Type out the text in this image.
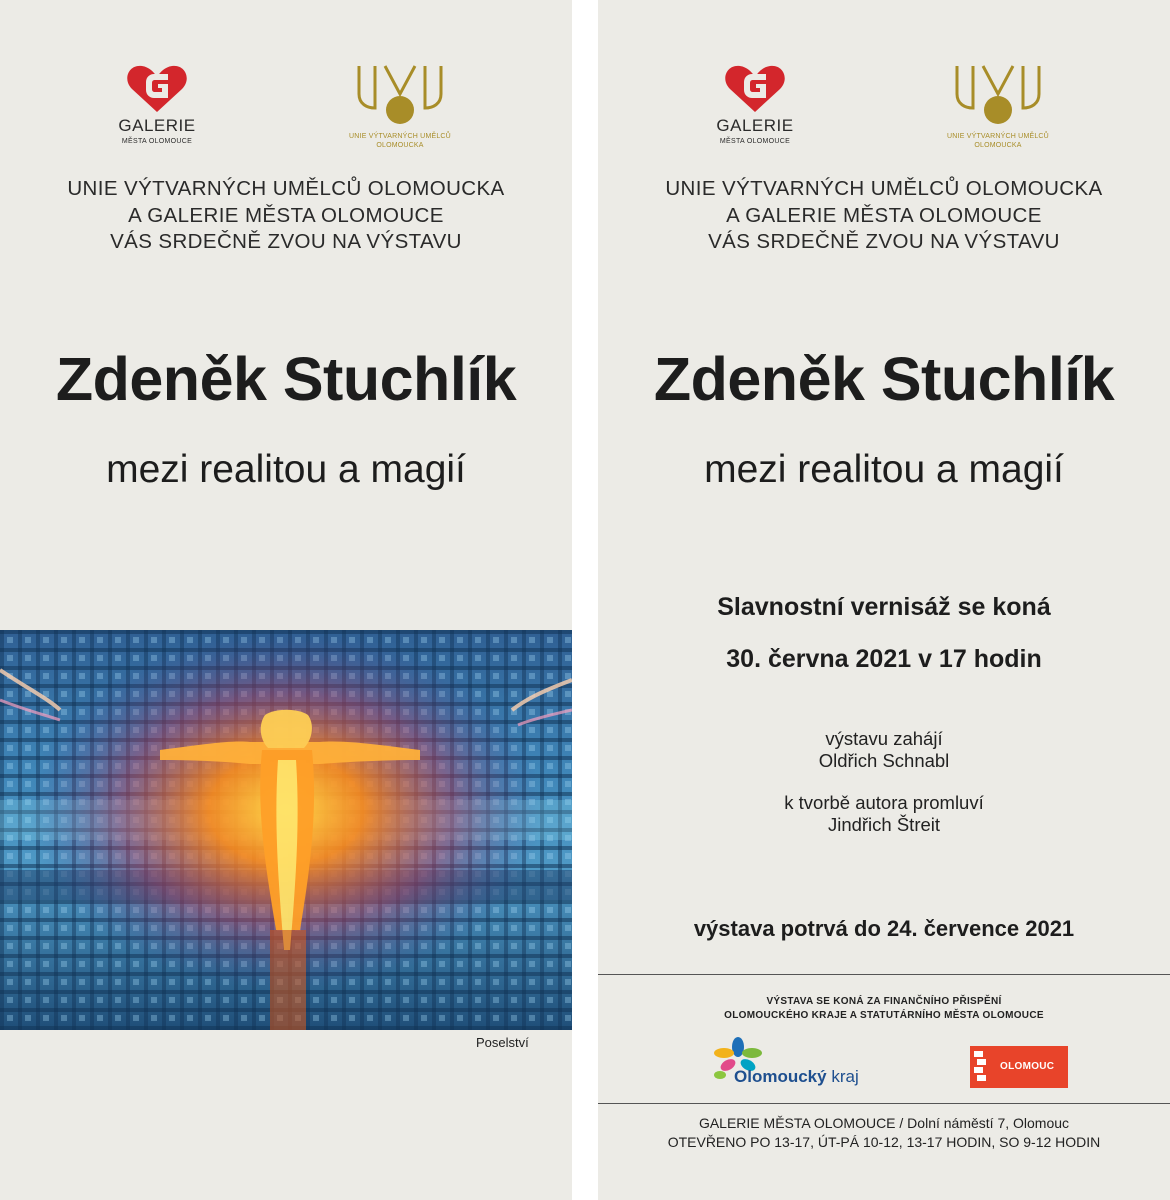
GALERIE
MĚSTA OLOMOUCE
UNIE VÝTVARNÝCH UMĚLCŮ
OLOMOUCKA
UNIE VÝTVARNÝCH UMĚLCŮ OLOMOUCKA
A GALERIE MĚSTA OLOMOUCE
VÁS SRDEČNĚ ZVOU NA VÝSTAVU
Zdeněk Stuchlík
mezi realitou a magií
Poselství
GALERIE
MĚSTA OLOMOUCE
UNIE VÝTVARNÝCH UMĚLCŮ
OLOMOUCKA
UNIE VÝTVARNÝCH UMĚLCŮ OLOMOUCKA
A GALERIE MĚSTA OLOMOUCE
VÁS SRDEČNĚ ZVOU NA VÝSTAVU
Zdeněk Stuchlík
mezi realitou a magií
Slavnostní vernisáž se koná
30. června 2021 v 17 hodin
výstavu zahájí
Oldřich Schnabl
k tvorbě autora promluví
Jindřich Štreit
výstava potrvá do 24. července 2021
VÝSTAVA SE KONÁ ZA FINANČNÍHO PŘISPĚNÍ
OLOMOUCKÉHO KRAJE A STATUTÁRNÍHO MĚSTA OLOMOUCE
Olomoucký kraj
OLOMOUC
GALERIE MĚSTA OLOMOUCE / Dolní náměstí 7, Olomouc
OTEVŘENO PO 13-17, ÚT-PÁ 10-12, 13-17 HODIN, SO 9-12 HODIN
